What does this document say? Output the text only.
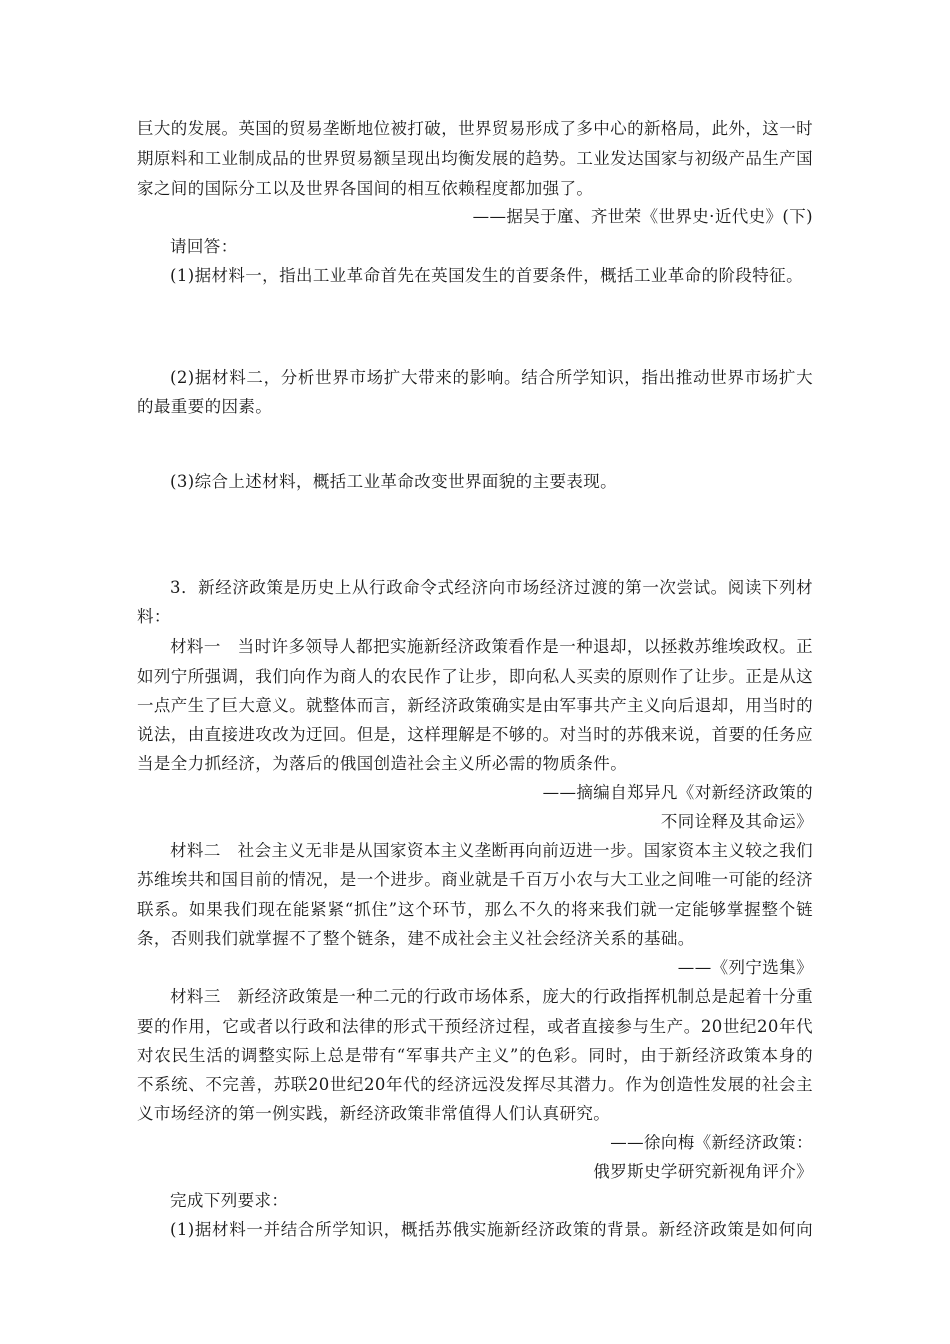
巨大的发展。英国的贸易垄断地位被打破，世界贸易形成了多中心的新格局，此外，这一时
期原料和工业制成品的世界贸易额呈现出均衡发展的趋势。工业发达国家与初级产品生产国
家之间的国际分工以及世界各国间的相互依赖程度都加强了。
——据吴于廑、齐世荣《世界史·近代史》(下)
请回答：
(1)据材料一，指出工业革命首先在英国发生的首要条件，概括工业革命的阶段特征。
(2)据材料二，分析世界市场扩大带来的影响。结合所学知识，指出推动世界市场扩大
的最重要的因素。
(3)综合上述材料，概括工业革命改变世界面貌的主要表现。
3．新经济政策是历史上从行政命令式经济向市场经济过渡的第一次尝试。阅读下列材
料：
材料一　当时许多领导人都把实施新经济政策看作是一种退却，以拯救苏维埃政权。正
如列宁所强调，我们向作为商人的农民作了让步，即向私人买卖的原则作了让步。正是从这
一点产生了巨大意义。就整体而言，新经济政策确实是由军事共产主义向后退却，用当时的
说法，由直接进攻改为迂回。但是，这样理解是不够的。对当时的苏俄来说，首要的任务应
当是全力抓经济，为落后的俄国创造社会主义所必需的物质条件。
——摘编自郑异凡《对新经济政策的
不同诠释及其命运》
材料二　社会主义无非是从国家资本主义垄断再向前迈进一步。国家资本主义较之我们
苏维埃共和国目前的情况，是一个进步。商业就是千百万小农与大工业之间唯一可能的经济
联系。如果我们现在能紧紧“抓住”这个环节，那么不久的将来我们就一定能够掌握整个链
条，否则我们就掌握不了整个链条，建不成社会主义社会经济关系的基础。
——《列宁选集》
材料三　新经济政策是一种二元的行政市场体系，庞大的行政指挥机制总是起着十分重
要的作用，它或者以行政和法律的形式干预经济过程，或者直接参与生产。20世纪20年代
对农民生活的调整实际上总是带有“军事共产主义”的色彩。同时，由于新经济政策本身的
不系统、不完善，苏联20世纪20年代的经济远没发挥尽其潜力。作为创造性发展的社会主
义市场经济的第一例实践，新经济政策非常值得人们认真研究。
——徐向梅《新经济政策：
俄罗斯史学研究新视角评介》
完成下列要求：
(1)据材料一并结合所学知识，概括苏俄实施新经济政策的背景。新经济政策是如何向
